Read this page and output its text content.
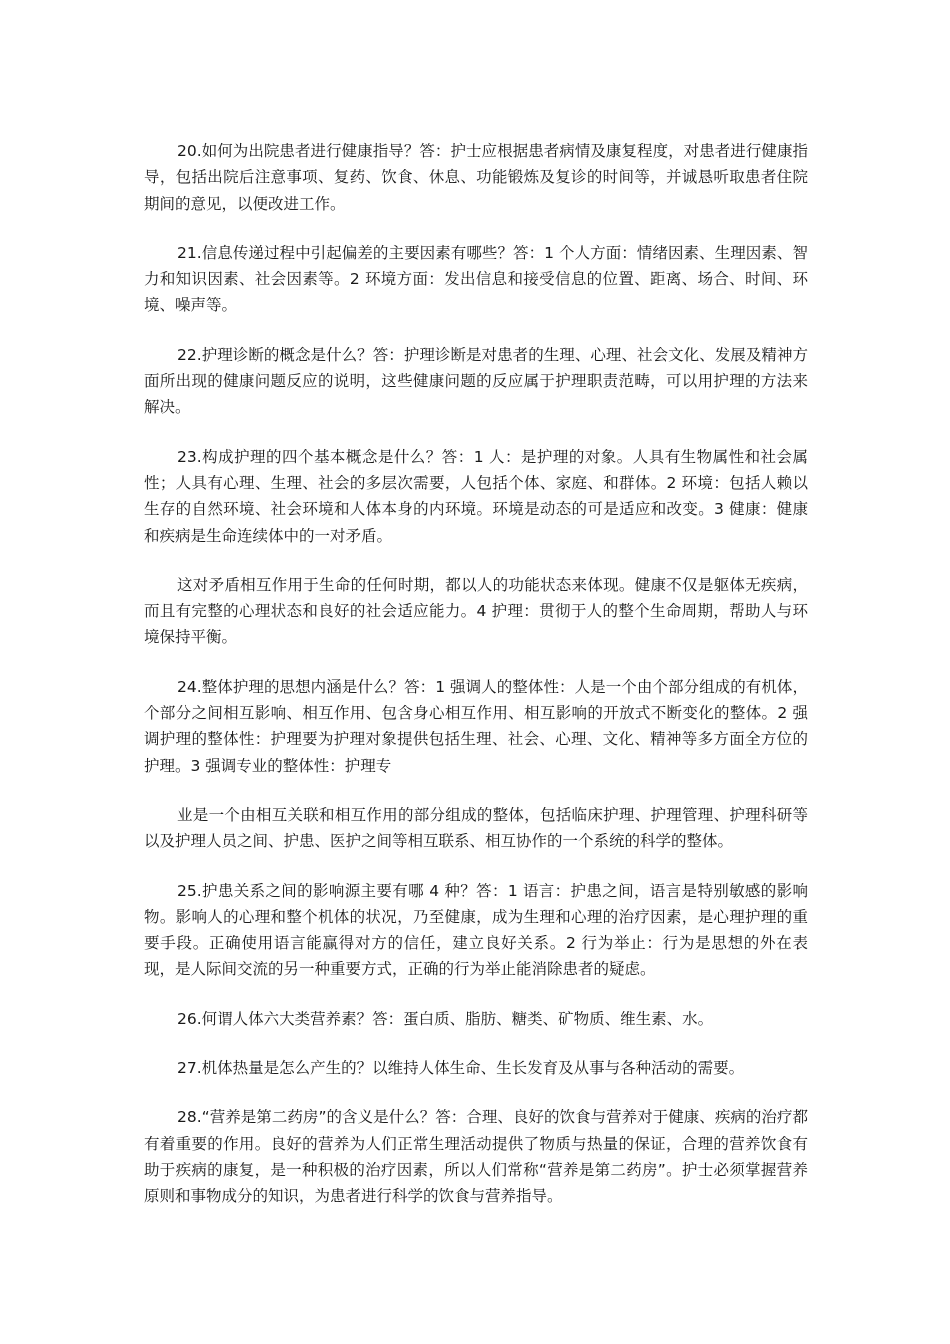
20.如何为出院患者进行健康指导？答：护士应根据患者病情及康复程度，对患者进行健康指导，包括出院后注意事项、复药、饮食、休息、功能锻炼及复诊的时间等，并诚恳听取患者住院期间的意见，以便改进工作。

21.信息传递过程中引起偏差的主要因素有哪些？答：1 个人方面：情绪因素、生理因素、智力和知识因素、社会因素等。2 环境方面：发出信息和接受信息的位置、距离、场合、时间、环境、噪声等。

22.护理诊断的概念是什么？答：护理诊断是对患者的生理、心理、社会文化、发展及精神方面所出现的健康问题反应的说明，这些健康问题的反应属于护理职责范畴，可以用护理的方法来解决。

23.构成护理的四个基本概念是什么？答：1 人：是护理的对象。人具有生物属性和社会属性；人具有心理、生理、社会的多层次需要，人包括个体、家庭、和群体。2 环境：包括人赖以生存的自然环境、社会环境和人体本身的内环境。环境是动态的可是适应和改变。3 健康：健康和疾病是生命连续体中的一对矛盾。

这对矛盾相互作用于生命的任何时期，都以人的功能状态来体现。健康不仅是躯体无疾病，而且有完整的心理状态和良好的社会适应能力。4 护理：贯彻于人的整个生命周期，帮助人与环境保持平衡。

24.整体护理的思想内涵是什么？答：1 强调人的整体性：人是一个由个部分组成的有机体，个部分之间相互影响、相互作用、包含身心相互作用、相互影响的开放式不断变化的整体。2 强调护理的整体性：护理要为护理对象提供包括生理、社会、心理、文化、精神等多方面全方位的护理。3 强调专业的整体性：护理专

业是一个由相互关联和相互作用的部分组成的整体，包括临床护理、护理管理、护理科研等以及护理人员之间、护患、医护之间等相互联系、相互协作的一个系统的科学的整体。

25.护患关系之间的影响源主要有哪 4 种？答：1 语言：护患之间，语言是特别敏感的影响物。影响人的心理和整个机体的状况，乃至健康，成为生理和心理的治疗因素，是心理护理的重要手段。正确使用语言能赢得对方的信任，建立良好关系。2 行为举止：行为是思想的外在表现，是人际间交流的另一种重要方式，正确的行为举止能消除患者的疑虑。

26.何谓人体六大类营养素？答：蛋白质、脂肪、糖类、矿物质、维生素、水。

27.机体热量是怎么产生的？以维持人体生命、生长发育及从事与各种活动的需要。

28.“营养是第二药房”的含义是什么？答：合理、良好的饮食与营养对于健康、疾病的治疗都有着重要的作用。良好的营养为人们正常生理活动提供了物质与热量的保证，合理的营养饮食有助于疾病的康复，是一种积极的治疗因素，所以人们常称“营养是第二药房”。护士必须掌握营养原则和事物成分的知识，为患者进行科学的饮食与营养指导。
